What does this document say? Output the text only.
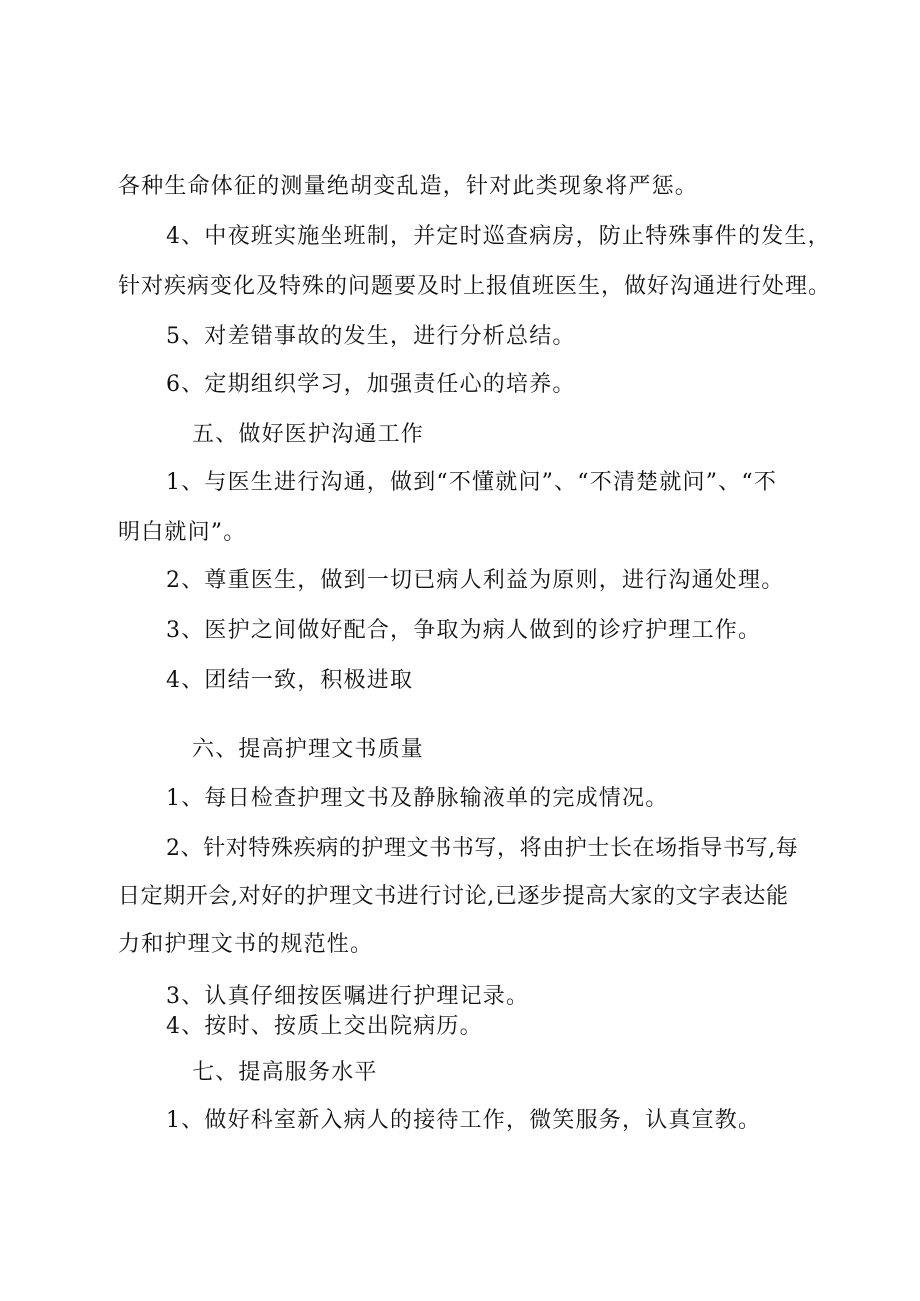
各种生命体征的测量绝胡变乱造，针对此类现象将严惩。
4、中夜班实施坐班制，并定时巡查病房，防止特殊事件的发生，
针对疾病变化及特殊的问题要及时上报值班医生，做好沟通进行处理。
5、对差错事故的发生，进行分析总结。
6、定期组织学习，加强责任心的培养。
五、做好医护沟通工作
1、与医生进行沟通，做到“不懂就问”、“不清楚就问”、“不
明白就问”。
2、尊重医生，做到一切已病人利益为原则，进行沟通处理。
3、医护之间做好配合，争取为病人做到的诊疗护理工作。
4、团结一致，积极进取
六、提高护理文书质量
1、每日检查护理文书及静脉输液单的完成情况。
2、针对特殊疾病的护理文书书写，将由护士长在场指导书写,每
日定期开会,对好的护理文书进行讨论,已逐步提高大家的文字表达能
力和护理文书的规范性。
3、认真仔细按医嘱进行护理记录。
4、按时、按质上交出院病历。
七、提高服务水平
1、做好科室新入病人的接待工作，微笑服务，认真宣教。
